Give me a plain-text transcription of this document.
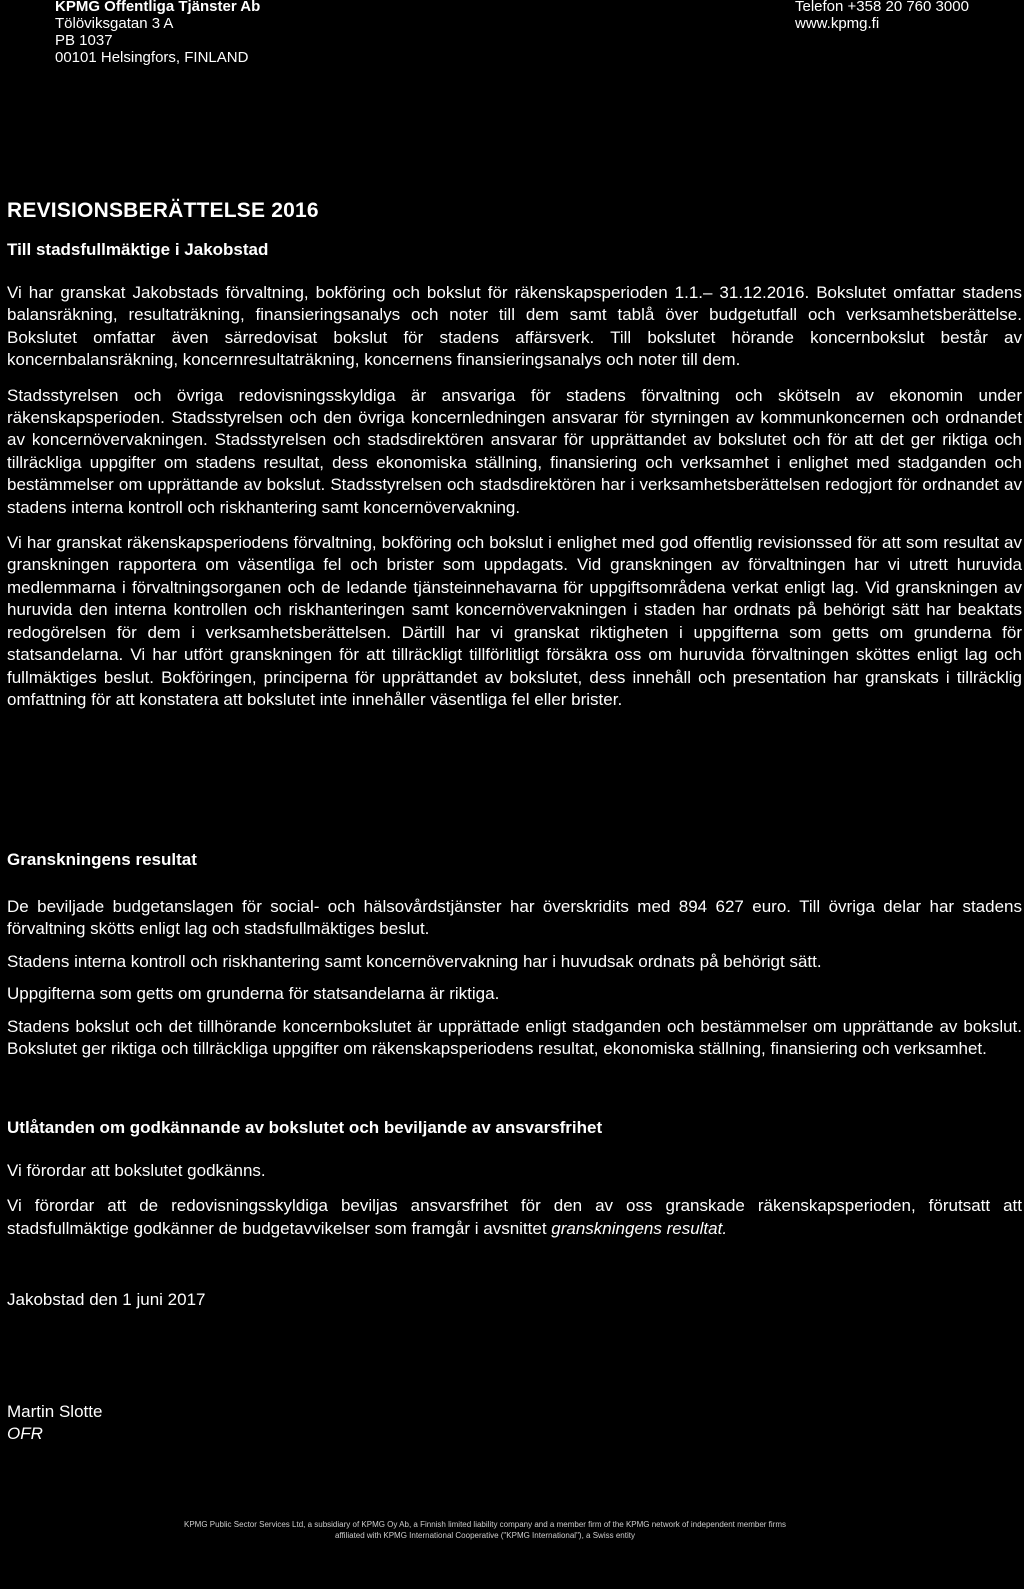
KPMG Offentliga Tjänster Ab
Tölöviksgatan 3 A
PB 1037
00101 Helsingfors, FINLAND
Telefon +358 20 760 3000
www.kpmg.fi
REVISIONSBERÄTTELSE 2016
Till stadsfullmäktige i Jakobstad

Vi har granskat Jakobstads förvaltning, bokföring och bokslut för räkenskapsperioden 1.1.– 31.12.2016. Bokslutet omfattar stadens balansräkning, resultaträkning, finansieringsanalys och noter till dem samt tablå över budgetutfall och verksamhetsberättelse. Bokslutet omfattar även särredovisat bokslut för stadens affärsverk. Till bokslutet hörande koncernbokslut består av koncernbalansräkning, koncernresultaträkning, koncernens finansieringsanalys och noter till dem.

Stadsstyrelsen och övriga redovisningsskyldiga är ansvariga för stadens förvaltning och skötseln av ekonomin under räkenskapsperioden. Stadsstyrelsen och den övriga koncernledningen ansvarar för styrningen av kommunkoncernen och ordnandet av koncernövervakningen. Stadsstyrelsen och stadsdirektören ansvarar för upprättandet av bokslutet och för att det ger riktiga och tillräckliga uppgifter om stadens resultat, dess ekonomiska ställning, finansiering och verksamhet i enlighet med stadganden och bestämmelser om upprättande av bokslut. Stadsstyrelsen och stadsdirektören har i verksamhetsberättelsen redogjort för ordnandet av stadens interna kontroll och riskhantering samt koncernövervakning.

Vi har granskat räkenskapsperiodens förvaltning, bokföring och bokslut i enlighet med god offentlig revisionssed för att som resultat av granskningen rapportera om väsentliga fel och brister som uppdagats. Vid granskningen av förvaltningen har vi utrett huruvida medlemmarna i förvaltningsorganen och de ledande tjänsteinnehavarna för uppgiftsområdena verkat enligt lag. Vid granskningen av huruvida den interna kontrollen och riskhanteringen samt koncernövervakningen i staden har ordnats på behörigt sätt har beaktats redogörelsen för dem i verksamhetsberättelsen. Därtill har vi granskat riktigheten i uppgifterna som getts om grunderna för statsandelarna. Vi har utfört granskningen för att tillräckligt tillförlitligt försäkra oss om huruvida förvaltningen sköttes enligt lag och fullmäktiges beslut. Bokföringen, principerna för upprättandet av bokslutet, dess innehåll och presentation har granskats i tillräcklig omfattning för att konstatera att bokslutet inte innehåller väsentliga fel eller brister.

Granskningens resultat

De beviljade budgetanslagen för social- och hälsovårdstjänster har överskridits med 894 627 euro. Till övriga delar har stadens förvaltning skötts enligt lag och stadsfullmäktiges beslut.

Stadens interna kontroll och riskhantering samt koncernövervakning har i huvudsak ordnats på behörigt sätt.

Uppgifterna som getts om grunderna för statsandelarna är riktiga.

Stadens bokslut och det tillhörande koncernbokslutet är upprättade enligt stadganden och bestämmelser om upprättande av bokslut. Bokslutet ger riktiga och tillräckliga uppgifter om räkenskapsperiodens resultat, ekonomiska ställning, finansiering och verksamhet.

Utlåtanden om godkännande av bokslutet och beviljande av ansvarsfrihet

Vi förordar att bokslutet godkänns.

Vi förordar att de redovisningsskyldiga beviljas ansvarsfrihet för den av oss granskade räkenskapsperioden, förutsatt att stadsfullmäktige godkänner de budgetavvikelser som framgår i avsnittet granskningens resultat.

Jakobstad den 1 juni 2017
Martin Slotte
OFR
KPMG Public Sector Services Ltd, a subsidiary of KPMG Oy Ab, a Finnish limited liability company and a member firm of the KPMG network of independent member firms affiliated with KPMG International Cooperative ("KPMG International"), a Swiss entity
